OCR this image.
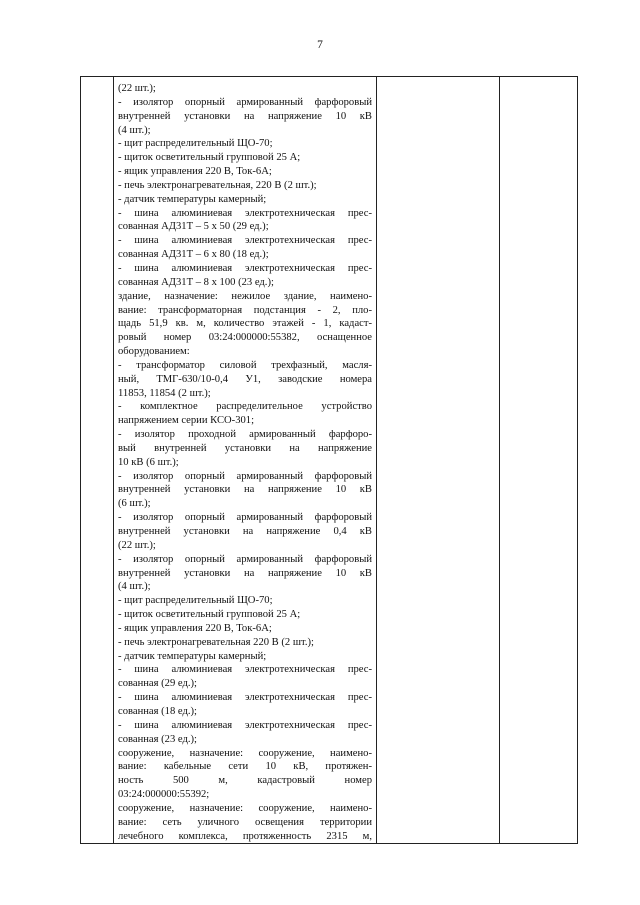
7

(22 шт.);
- изолятор опорный армированный фарфоровый
внутренней установки на напряжение 10 кВ
(4 шт.);
- щит распределительный ЩО-70;
- щиток осветительный групповой 25 А;
- ящик управления 220 В, Ток-6А;
- печь электронагревательная, 220 В (2 шт.);
- датчик температуры камерный;
- шина алюминиевая электротехническая прес-
сованная АД31Т – 5 х 50 (29 ед.);
- шина алюминиевая электротехническая прес-
сованная АД31Т – 6 х 80 (18 ед.);
- шина алюминиевая электротехническая прес-
сованная АД31Т – 8 х 100 (23 ед.);
здание, назначение: нежилое здание, наимено-
вание: трансформаторная подстанция - 2, пло-
щадь 51,9 кв. м, количество этажей - 1, кадаст-
ровый номер 03:24:000000:55382, оснащенное
оборудованием:
- трансформатор силовой трехфазный, масля-
ный, ТМГ-630/10-0,4 У1, заводские номера
11853, 11854 (2 шт.);
- комплектное распределительное устройство
напряжением серии КСО-301;
- изолятор проходной армированный фарфоро-
вый внутренней установки на напряжение
10 кВ (6 шт.);
- изолятор опорный армированный фарфоровый
внутренней установки на напряжение 10 кВ
(6 шт.);
- изолятор опорный армированный фарфоровый
внутренней установки на напряжение 0,4 кВ
(22 шт.);
- изолятор опорный армированный фарфоровый
внутренней установки на напряжение 10 кВ
(4 шт.);
- щит распределительный ЩО-70;
- щиток осветительный групповой 25 А;
- ящик управления 220 В, Ток-6А;
- печь электронагревательная 220 В (2 шт.);
- датчик температуры камерный;
- шина алюминиевая электротехническая прес-
сованная (29 ед.);
- шина алюминиевая электротехническая прес-
сованная (18 ед.);
- шина алюминиевая электротехническая прес-
сованная (23 ед.);
сооружение, назначение: сооружение, наимено-
вание: кабельные сети 10 кВ, протяжен-
ность 500 м, кадастровый номер
03:24:000000:55392;
сооружение, назначение: сооружение, наимено-
вание: сеть уличного освещения территории
лечебного комплекса, протяженность 2315 м,
